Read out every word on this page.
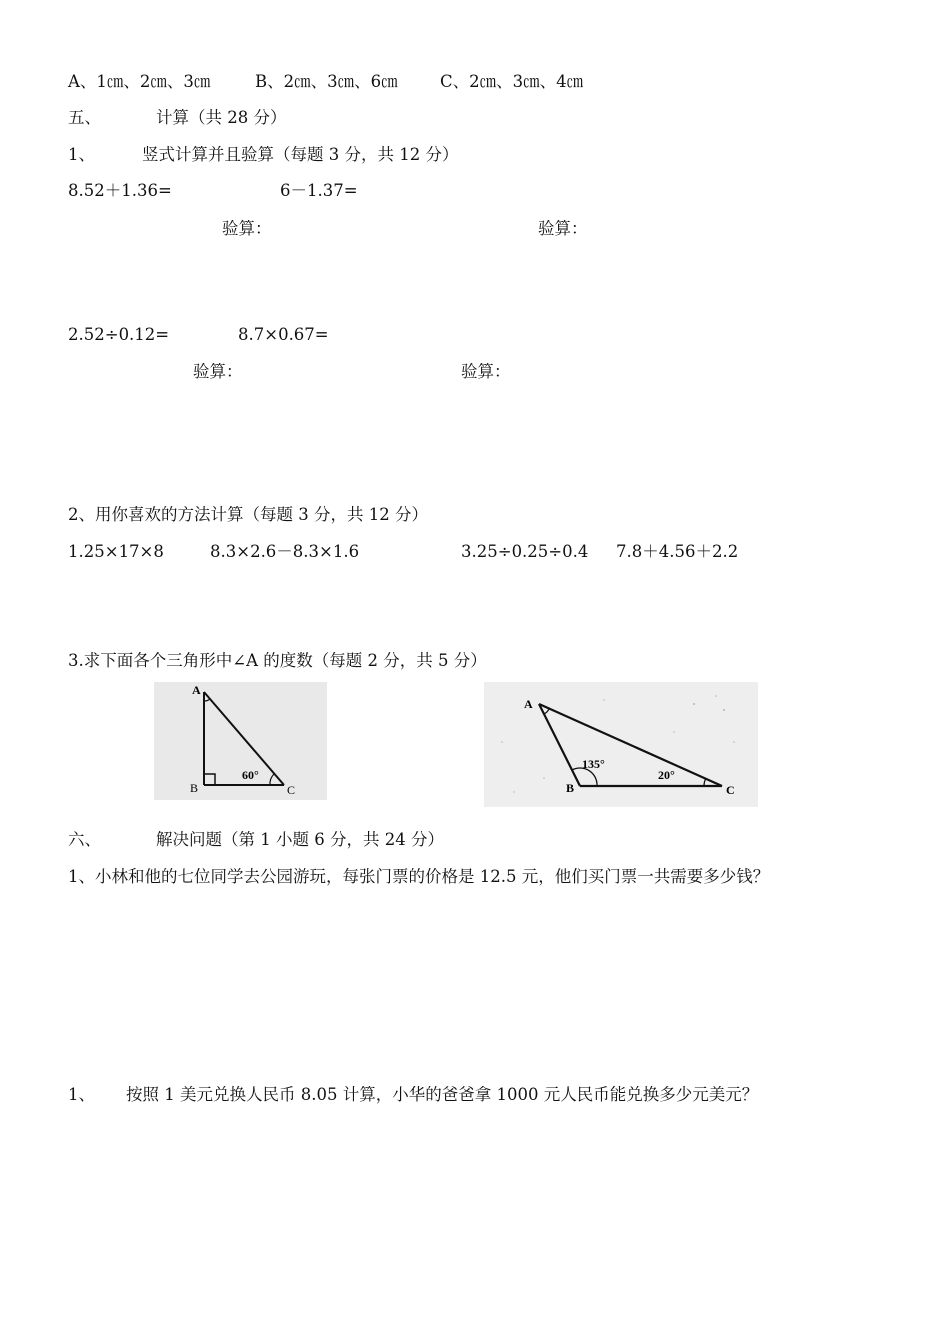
A、1㎝、2㎝、3㎝	B、2㎝、3㎝、6㎝	C、2㎝、3㎝、4㎝
五、	计算（共 28 分）
1、	竖式计算并且验算（每题 3 分，共 12 分）
8.52＋1.36=	6－1.37=
验算：	验算：
2.52÷0.12=	8.7×0.67=
验算：	验算：
2、用你喜欢的方法计算（每题 3 分，共 12 分）
1.25×17×8	8.3×2.6－8.3×1.6	3.25÷0.25÷0.4 7.8＋4.56＋2.2
3.求下面各个三角形中∠A 的度数（每题 2 分，共 5 分）
A
B	C
60°
A
B	C
135°
20°
六、	解决问题（第 1 小题 6 分，共 24 分）
1、小林和他的七位同学去公园游玩，每张门票的价格是 12.5 元，他们买门票一共需要多少钱？
1、 按照 1 美元兑换人民币 8.05 计算，小华的爸爸拿 1000 元人民币能兑换多少元美元？
